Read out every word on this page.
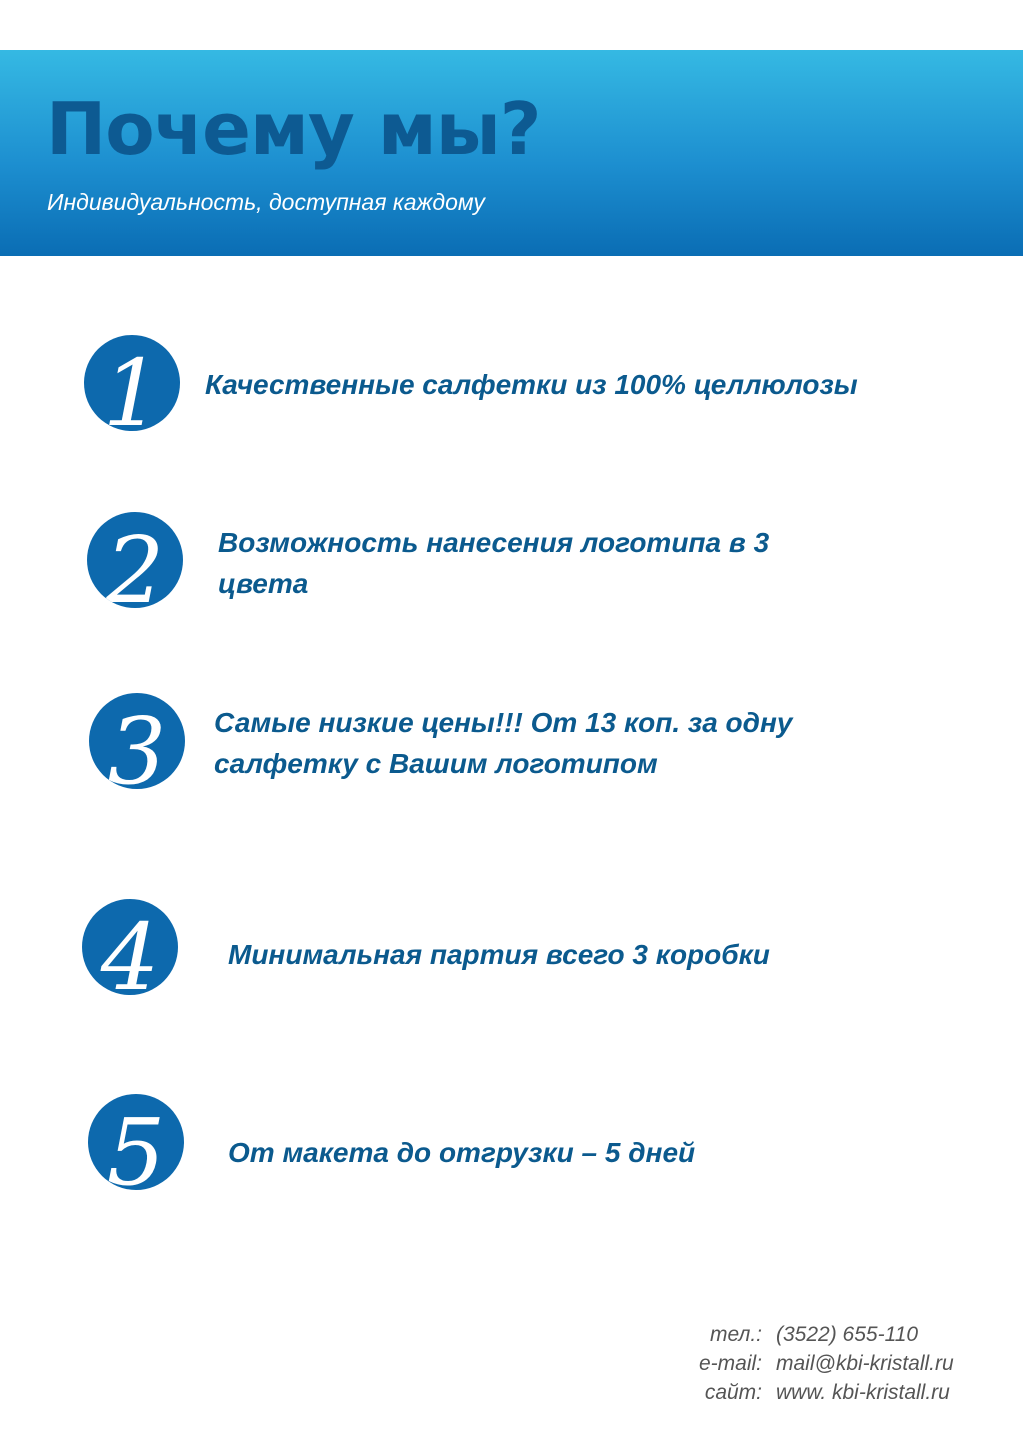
Почему мы?

Индивидуальность, доступная каждому

1	Качественные салфетки из 100% целлюлозы

2	Возможность нанесения логотипа в 3 цвета

3	Самые низкие цены!!! От 13 коп. за одну салфетку с Вашим логотипом

4	Минимальная партия всего 3 коробки

5	От макета до отгрузки – 5 дней

тел.: (3522) 655-110
e-mail: mail@kbi-kristall.ru
сайт: www. kbi-kristall.ru
